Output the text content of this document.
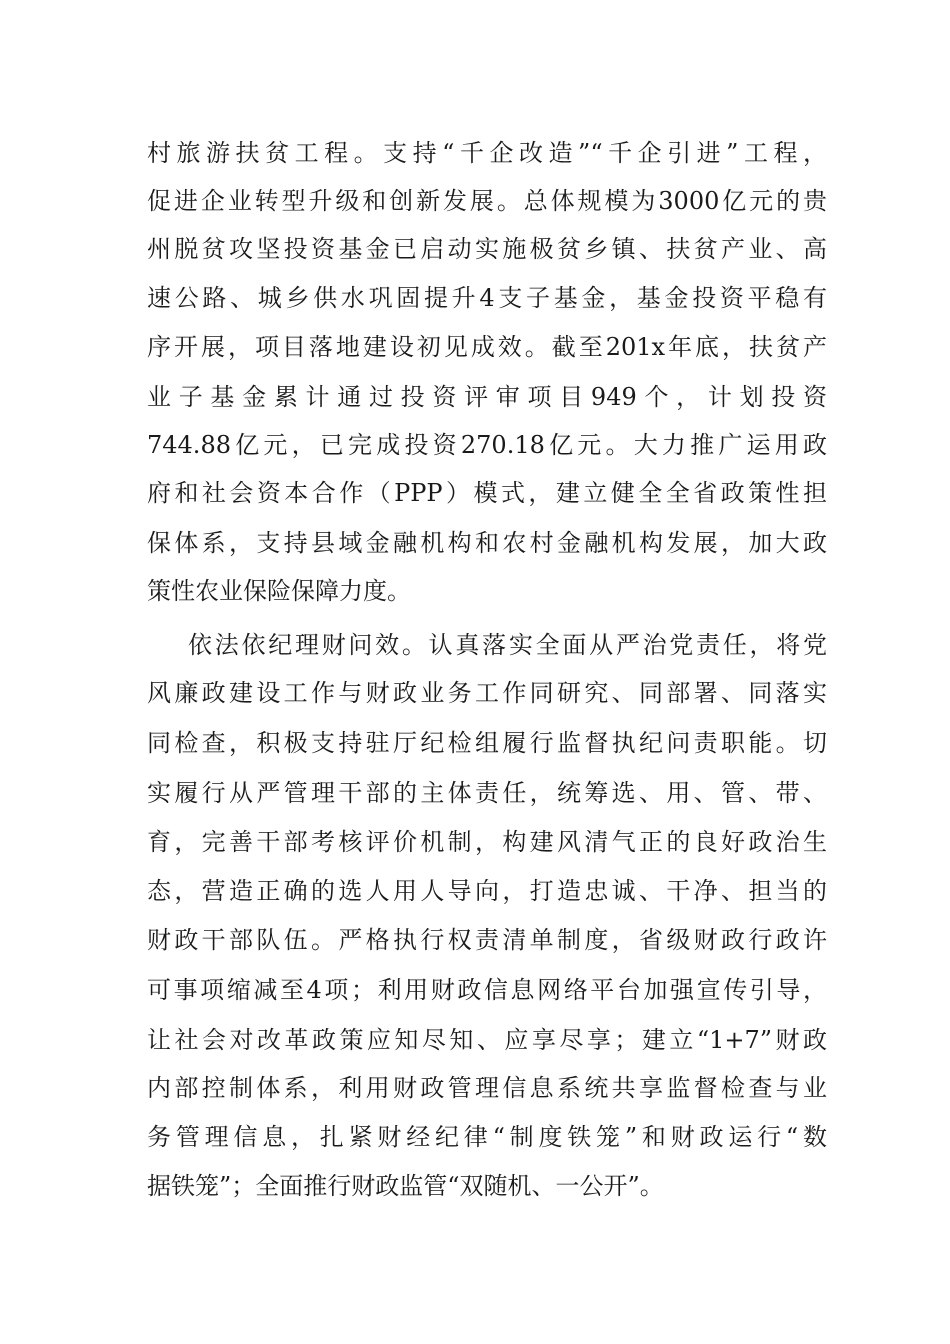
村旅游扶贫工程。支持“千企改造”“千企引进”工程，
促进企业转型升级和创新发展。总体规模为3000亿元的贵
州脱贫攻坚投资基金已启动实施极贫乡镇、扶贫产业、高
速公路、城乡供水巩固提升4支子基金，基金投资平稳有
序开展，项目落地建设初见成效。截至201x年底，扶贫产
业子基金累计通过投资评审项目949个，计划投资
744.88亿元，已完成投资270.18亿元。大力推广运用政
府和社会资本合作（PPP）模式，建立健全全省政策性担
保体系，支持县域金融机构和农村金融机构发展，加大政
策性农业保险保障力度。
依法依纪理财问效。认真落实全面从严治党责任，将党
风廉政建设工作与财政业务工作同研究、同部署、同落实
同检查，积极支持驻厅纪检组履行监督执纪问责职能。切
实履行从严管理干部的主体责任，统筹选、用、管、带、
育，完善干部考核评价机制，构建风清气正的良好政治生
态，营造正确的选人用人导向，打造忠诚、干净、担当的
财政干部队伍。严格执行权责清单制度，省级财政行政许
可事项缩减至4项；利用财政信息网络平台加强宣传引导，
让社会对改革政策应知尽知、应享尽享；建立“1+7”财政
内部控制体系，利用财政管理信息系统共享监督检查与业
务管理信息，扎紧财经纪律“制度铁笼”和财政运行“数
据铁笼”；全面推行财政监管“双随机、一公开”。
